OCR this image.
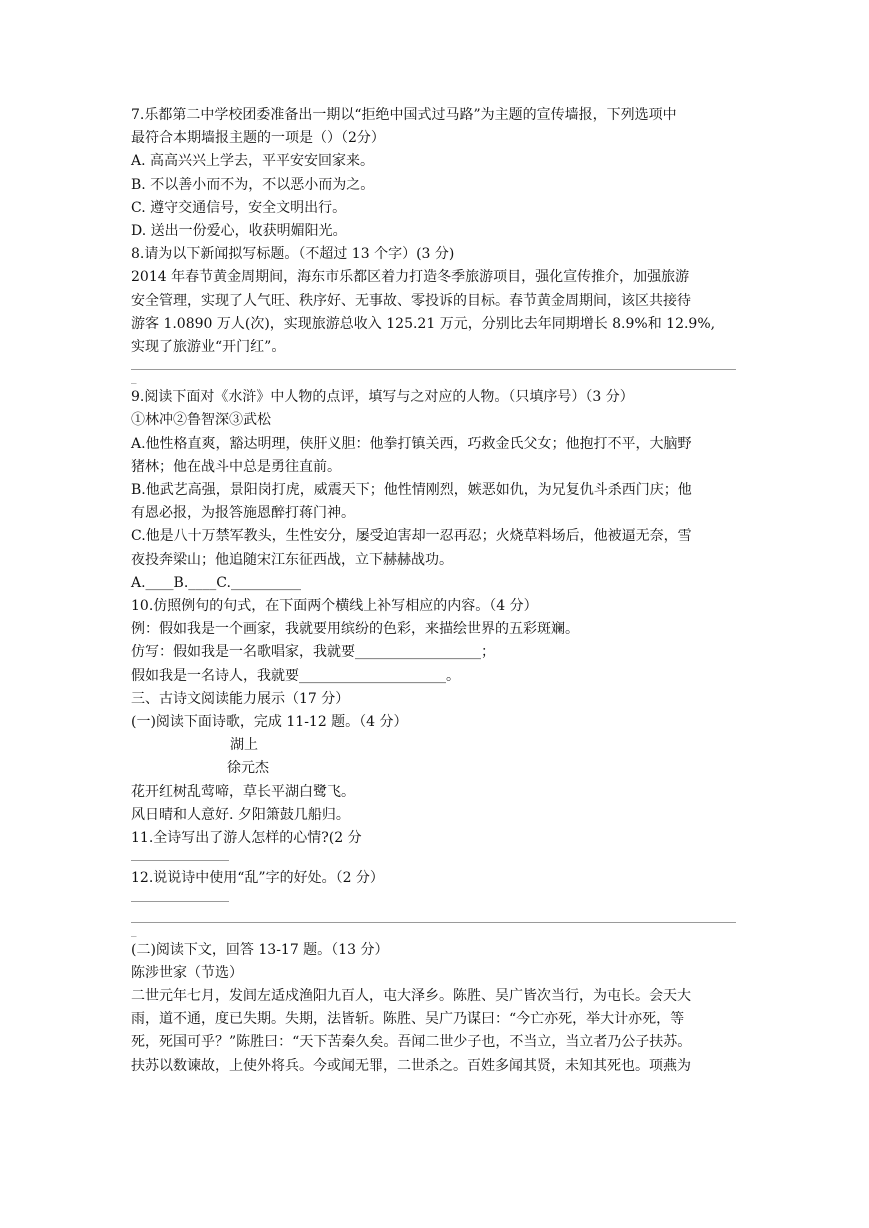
7.乐都第二中学校团委准备出一期以“拒绝中国式过马路”为主题的宣传墙报，下列选项中
最符合本期墙报主题的一项是（）（2分）
A. 高高兴兴上学去，平平安安回家来。
B. 不以善小而不为，不以恶小而为之。
C. 遵守交通信号，安全文明出行。
D. 送出一份爱心，收获明媚阳光。
8.请为以下新闻拟写标题。（不超过 13 个字）(3 分)
2014 年春节黄金周期间，海东市乐都区着力打造冬季旅游项目，强化宣传推介，加强旅游
安全管理，实现了人气旺、秩序好、无事故、零投诉的目标。春节黄金周期间，该区共接待
游客 1.0890 万人(次)，实现旅游总收入 125.21 万元，分别比去年同期增长 8.9%和 12.9%,
实现了旅游业“开门红”。
_
9.阅读下面对《水浒》中人物的点评，填写与之对应的人物。（只填序号）（3 分）
①林冲②鲁智深③武松
A.他性格直爽，豁达明理，侠肝义胆：他拳打镇关西，巧救金氏父女；他抱打不平，大脑野
猪林；他在战斗中总是勇往直前。
B.他武艺高强，景阳岗打虎，威震天下；他性情刚烈，嫉恶如仇，为兄复仇斗杀西门庆；他
有恩必报，为报答施恩醉打蒋门神。
C.他是八十万禁军教头，生性安分，屡受迫害却一忍再忍；火烧草料场后，他被逼无奈，雪
夜投奔梁山；他追随宋江东征西战，立下赫赫战功。
A.____B.____C.__________
10.仿照例句的句式，在下面两个横线上补写相应的内容。（4 分）
例：假如我是一个画家，我就要用缤纷的色彩，来描绘世界的五彩斑斓。
仿写：假如我是一名歌唱家，我就要__________________；
假如我是一名诗人，我就要_____________________。
三、古诗文阅读能力展示（17 分）
(一)阅读下面诗歌，完成 11-12 题。（4 分）
湖上
徐元杰
花开红树乱莺啼，草长平湖白鹭飞。
风日晴和人意好. 夕阳箫鼓几船归。
11.全诗写出了游人怎样的心情?(2 分
12.说说诗中使用“乱”字的好处。（2 分）
_
(二)阅读下文，回答 13-17 题。（13 分）
陈涉世家（节选）
二世元年七月，发闾左适戍渔阳九百人，屯大泽乡。陈胜、吴广皆次当行，为屯长。会天大
雨，道不通，度已失期。失期，法皆斩。陈胜、吴广乃谋曰：“今亡亦死，举大计亦死，等
死，死国可乎？”陈胜曰：“天下苦秦久矣。吾闻二世少子也，不当立，当立者乃公子扶苏。
扶苏以数谏故，上使外将兵。今或闻无罪，二世杀之。百姓多闻其贤，未知其死也。项燕为
